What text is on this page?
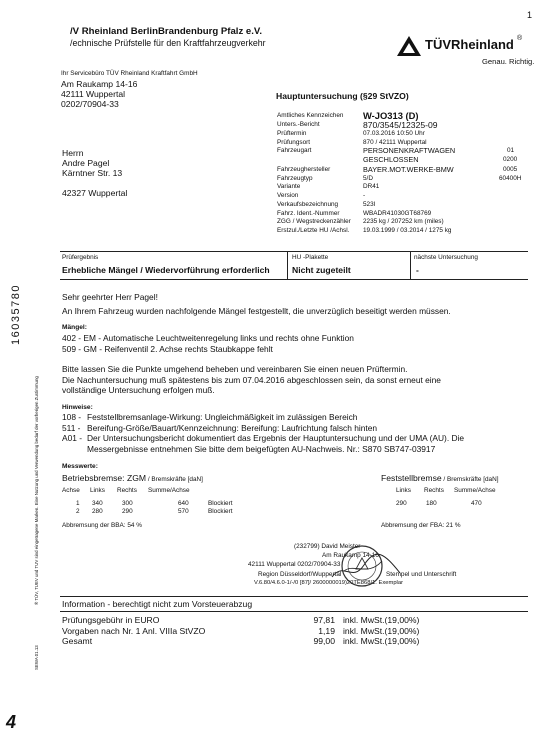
/V Rheinland BerlinBrandenburg Pfalz e.V.
/echnische Prüfstelle für den Kraftfahrzeugverkehr
1
TÜVRheinland ®
Genau. Richtig.
Ihr Servicebüro TÜV Rheinland Kraftfahrt GmbH
Am Raukamp 14-16
42111 Wuppertal
0202/70904-33
Hauptuntersuchung (§29 StVZO)
Herrn
Andre Pagel
Kärntner Str. 13
42327 Wuppertal
Amtliches Kennzeichen W-JO313 (D)
Unters.-Bericht	870/3545/12325-09
Prüftermin	07.03.2016 10:50 Uhr
Prüfungsort	870 / 42111 Wuppertal
Fahrzeugart	PERSONENKRAFTWAGEN	01
GESCHLOSSEN	0200
Fahrzeughersteller	BAYER.MOT.WERKE-BMW	0005
Fahrzeugtyp	5/D	60400H
Variante	DR41
Version	-
Verkaufsbezeichnung	523I
Fahrz. Ident.-Nummer	WBADR41030GT68769
ZGG / Wegstreckenzähler 2235 kg / 207252 km (miles)
Erstzul./Letzte HU /Achsl. 19.03.1999 / 03.2014 / 1275 kg
Prüfergebnis	HU -Plakette	nächste Untersuchung
Erhebliche Mängel / Wiedervorführung erforderlich	Nicht zugeteilt	-
16035780
® TÜV, TUEV und TUV sind eingetragene Marken. Eine Nutzung und Verwendung bedarf der vorherigen Zustimmung
SEWA 01.13
Sehr geehrter Herr Pagel!
An Ihrem Fahrzeug wurden nachfolgende Mängel festgestellt, die unverzüglich beseitigt werden müssen.
Mängel:
402 - EM - Automatische Leuchtweitenregelung links und rechts ohne Funktion
509 - GM - Reifenventil 2. Achse rechts Staubkappe fehlt
Bitte lassen Sie die Punkte umgehend beheben und vereinbaren Sie einen neuen Prüftermin.
Die Nachuntersuchung muß spätestens bis zum 07.04.2016 abgeschlossen sein, da sonst erneut eine
vollständige Untersuchung erfolgen muß.
Hinweise:
108 - Feststellbremsanlage-Wirkung: Ungleichmäßigkeit im zulässigen Bereich
511 - Bereifung-Größe/Bauart/Kennzeichnung: Bereifung: Laufrichtung falsch hinten
A01 - Der Untersuchungsbericht dokumentiert das Ergebnis der Hauptuntersuchung und der UMA (AU). Die
Messergebnisse entnehmen Sie bitte dem beigefügten AU-Nachweis. Nr.: S870 SB747-03917
Messwerte:
Betriebsbremse: ZGM / Bremskräfte [daN]	Feststellbremse / Bremskräfte [daN]
Achse Links Rechts Summe/Achse
1 340	300	640	Blockiert
2 280	290	570	Blockiert
Links Rechts Summe/Achse
290	180	470
Abbremsung der BBA: 54 %	Abbremsung der FBA: 21 %
(232799) David Meister
Am Raukamp 14-16
42111 Wuppertal 0202/70904-33
Region Düsseldorf/Wuppertal	Stempel und Unterschrift
V.6.80/4.6.0-1/-/0 [87]/ 2600000019)20TE868/1. Exemplar
Information - berechtigt nicht zum Vorsteuerabzug
Prüfungsgebühr in EURO	97,81 inkl. MwSt.(19,00%)
Vorgaben nach Nr. 1 Anl. VIIIa StVZO	1,19 inkl. MwSt.(19,00%)
Gesamt	99,00 inkl. MwSt.(19,00%)
4
